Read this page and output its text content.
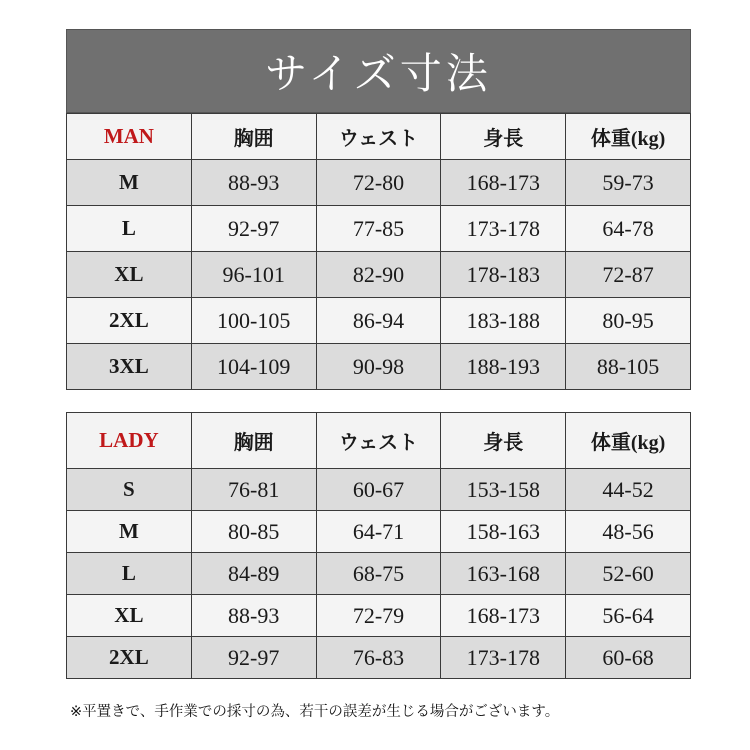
サイズ寸法
MAN	胸囲	ウェスト	身長	体重(kg)
M	88-93	72-80	168-173	59-73
L	92-97	77-85	173-178	64-78
XL	96-101	82-90	178-183	72-87
2XL	100-105	86-94	183-188	80-95
3XL	104-109	90-98	188-193	88-105
LADY	胸囲	ウェスト	身長	体重(kg)
S	76-81	60-67	153-158	44-52
M	80-85	64-71	158-163	48-56
L	84-89	68-75	163-168	52-60
XL	88-93	72-79	168-173	56-64
2XL	92-97	76-83	173-178	60-68
※平置きで、手作業での採寸の為、若干の誤差が生じる場合がございます。
